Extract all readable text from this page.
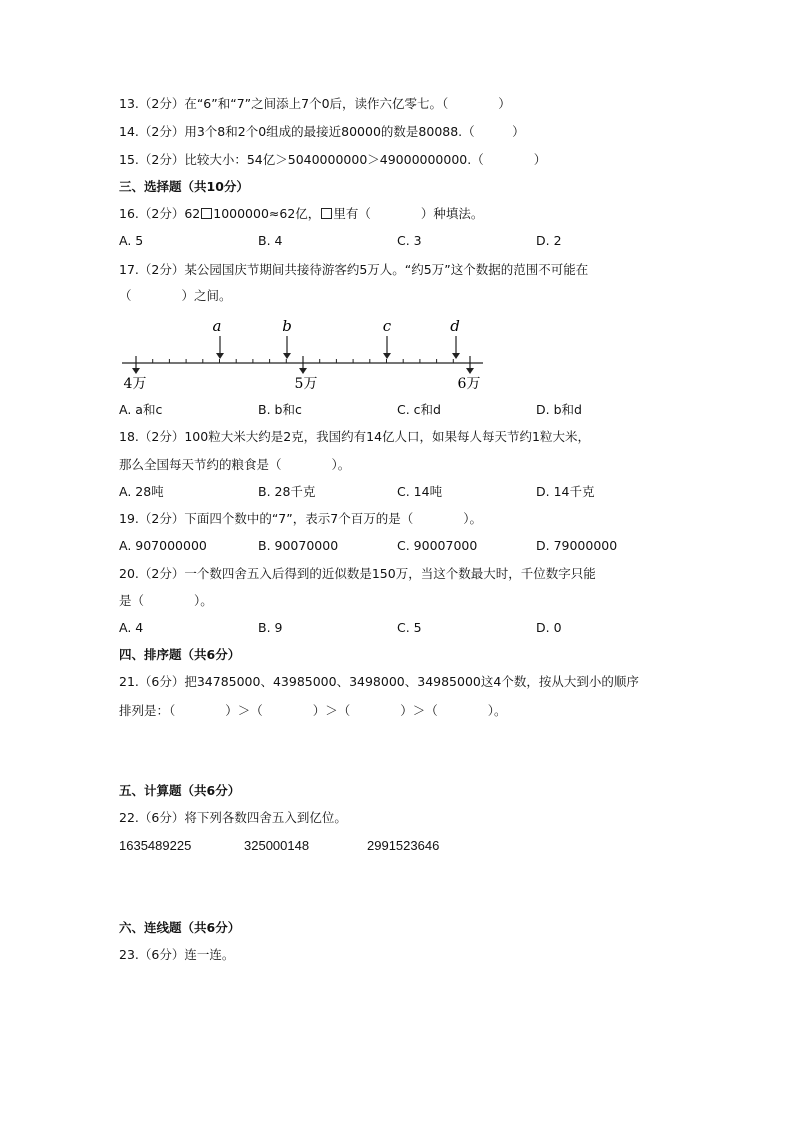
13.（2分）在“6”和“7”之间添上7个0后，读作六亿零七。（　　　　）
14.（2分）用3个8和2个0组成的最接近80000的数是80088.（　　　）
15.（2分）比较大小：54亿＞5040000000＞49000000000.（　　　　）
三、选择题（共10分）
16.（2分）62 1000000≈62亿， 里有（　　　　）种填法。
A. 5	B. 4	C. 3	D. 2
17.（2分）某公园国庆节期间共接待游客约5万人。“约5万”这个数据的范围不可能在
（　　　　）之间。
a	b	c	d
4万	5万	6万
A. a和c	B. b和c	C. c和d	D. b和d
18.（2分）100粒大米大约是2克，我国约有14亿人口，如果每人每天节约1粒大米，
那么全国每天节约的粮食是（　　　　）。
A. 28吨	B. 28千克	C. 14吨	D. 14千克
19.（2分）下面四个数中的“7”，表示7个百万的是（　　　　）。
A. 907000000	B. 90070000	C. 90007000	D. 79000000
20.（2分）一个数四舍五入后得到的近似数是150万，当这个数最大时，千位数字只能
是（　　　　）。
A. 4	B. 9	C. 5	D. 0
四、排序题（共6分）
21.（6分）把34785000、43985000、3498000、34985000这4个数，按从大到小的顺序
排列是：（　　　　）＞（　　　　）＞（　　　　）＞（　　　　）。
五、计算题（共6分）
22.（6分）将下列各数四舍五入到亿位。
1635489225	325000148	2991523646
六、连线题（共6分）
23.（6分）连一连。
